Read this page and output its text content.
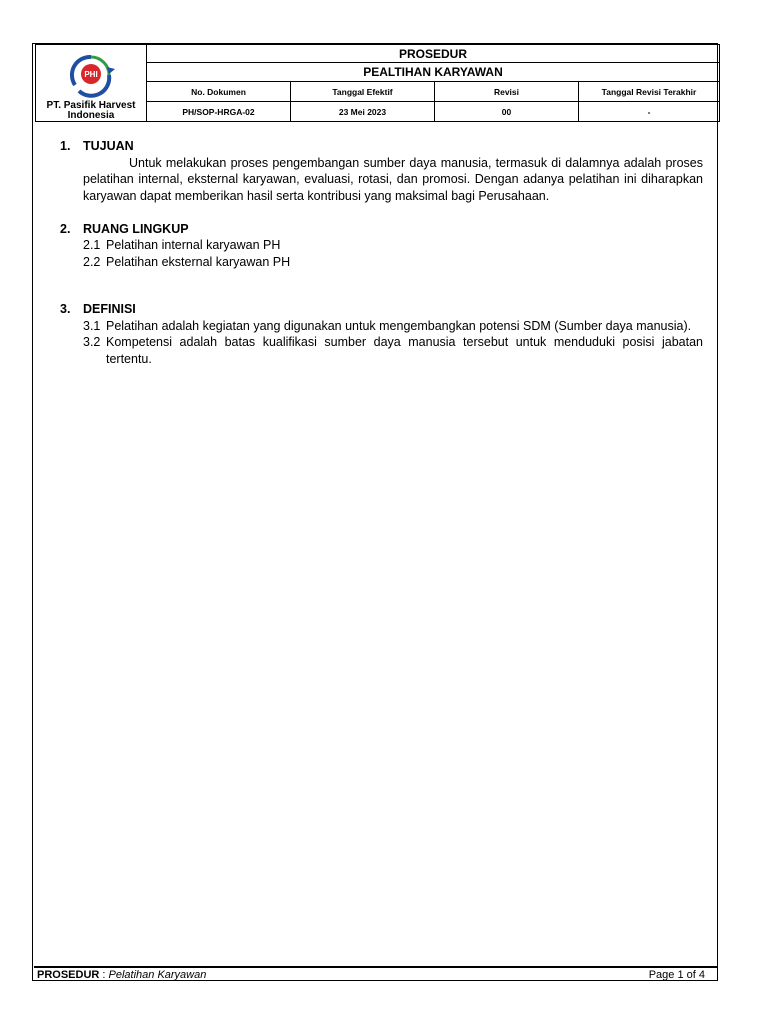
PHI
PT. Pasifik Harvest Indonesia
PROSEDUR
PEALTIHAN KARYAWAN
No. Dokumen	Tanggal Efektif	Revisi	Tanggal Revisi Terakhir
PH/SOP-HRGA-02	23 Mei 2023	00	-
1. TUJUAN
Untuk melakukan proses pengembangan sumber daya manusia, termasuk di dalamnya adalah proses pelatihan internal, eksternal karyawan, evaluasi, rotasi, dan promosi. Dengan adanya pelatihan ini diharapkan karyawan dapat memberikan hasil serta kontribusi yang maksimal bagi Perusahaan.
2. RUANG LINGKUP
2.1 Pelatihan internal karyawan PH
2.2 Pelatihan eksternal karyawan PH
3. DEFINISI
3.1 Pelatihan adalah kegiatan yang digunakan untuk mengembangkan potensi SDM (Sumber daya manusia).
3.2 Kompetensi adalah batas kualifikasi sumber daya manusia tersebut untuk menduduki posisi jabatan tertentu.
PROSEDUR : Pelatihan Karyawan	Page 1 of 4
